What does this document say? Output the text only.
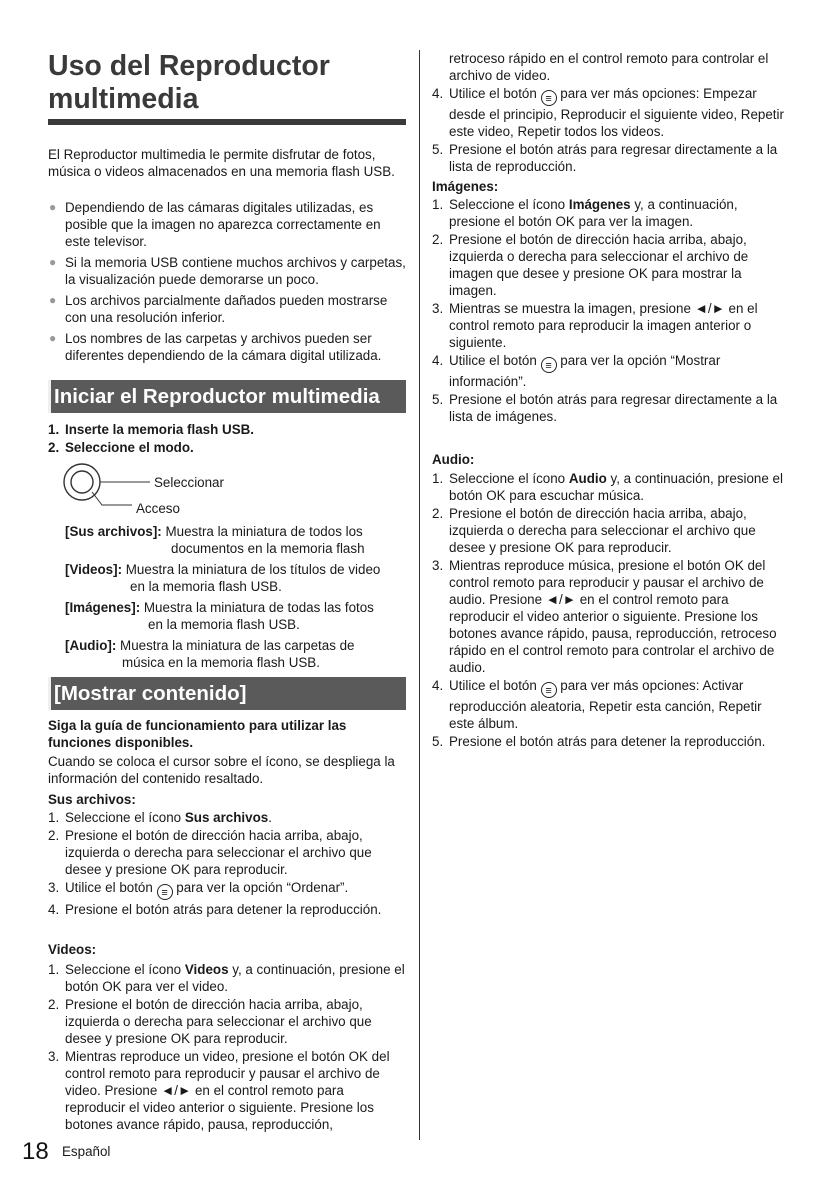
Uso del Reproductor multimedia

El Reproductor multimedia le permite disfrutar de fotos, música o videos almacenados en una memoria flash USB.

● Dependiendo de las cámaras digitales utilizadas, es posible que la imagen no aparezca correctamente en este televisor.
● Si la memoria USB contiene muchos archivos y carpetas, la visualización puede demorarse un poco.
● Los archivos parcialmente dañados pueden mostrarse con una resolución inferior.
● Los nombres de las carpetas y archivos pueden ser diferentes dependiendo de la cámara digital utilizada.
Iniciar el Reproductor multimedia
1. Inserte la memoria flash USB.
2. Seleccione el modo.
Seleccionar
Acceso
[Sus archivos]: Muestra la miniatura de todos los
documentos en la memoria flash
[Videos]: Muestra la miniatura de los títulos de video
en la memoria flash USB.
[Imágenes]: Muestra la miniatura de todas las fotos
en la memoria flash USB.
[Audio]: Muestra la miniatura de las carpetas de
música en la memoria flash USB.
[Mostrar contenido]

Siga la guía de funcionamiento para utilizar las funciones disponibles.

Cuando se coloca el cursor sobre el ícono, se despliega la información del contenido resaltado.

Sus archivos:

1. Seleccione el ícono Sus archivos.
2. Presione el botón de dirección hacia arriba, abajo, izquierda o derecha para seleccionar el archivo que desee y presione OK para reproducir.
3. Utilice el botón ≡ para ver la opción “Ordenar”.
4. Presione el botón atrás para detener la reproducción.

Videos:

1. Seleccione el ícono Videos y, a continuación, presione el botón OK para ver el video.
2. Presione el botón de dirección hacia arriba, abajo, izquierda o derecha para seleccionar el archivo que desee y presione OK para reproducir.
3. Mientras reproduce un video, presione el botón OK del control remoto para reproducir y pausar el archivo de video. Presione ◄/► en el control remoto para reproducir el video anterior o siguiente. Presione los botones avance rápido, pausa, reproducción,
retroceso rápido en el control remoto para controlar el archivo de video.
4. Utilice el botón ≡ para ver más opciones: Empezar desde el principio, Reproducir el siguiente video, Repetir este video, Repetir todos los videos.
5. Presione el botón atrás para regresar directamente a la lista de reproducción.

Imágenes:

1. Seleccione el ícono Imágenes y, a continuación, presione el botón OK para ver la imagen.
2. Presione el botón de dirección hacia arriba, abajo, izquierda o derecha para seleccionar el archivo de imagen que desee y presione OK para mostrar la imagen.
3. Mientras se muestra la imagen, presione ◄/► en el control remoto para reproducir la imagen anterior o siguiente.
4. Utilice el botón ≡ para ver la opción “Mostrar información”.
5. Presione el botón atrás para regresar directamente a la lista de imágenes.

Audio:

1. Seleccione el ícono Audio y, a continuación, presione el botón OK para escuchar música.
2. Presione el botón de dirección hacia arriba, abajo, izquierda o derecha para seleccionar el archivo que desee y presione OK para reproducir.
3. Mientras reproduce música, presione el botón OK del control remoto para reproducir y pausar el archivo de audio. Presione ◄/► en el control remoto para reproducir el video anterior o siguiente. Presione los botones avance rápido, pausa, reproducción, retroceso rápido en el control remoto para controlar el archivo de audio.
4. Utilice el botón ≡ para ver más opciones: Activar reproducción aleatoria, Repetir esta canción, Repetir este álbum.
5. Presione el botón atrás para detener la reproducción.
18 Español
